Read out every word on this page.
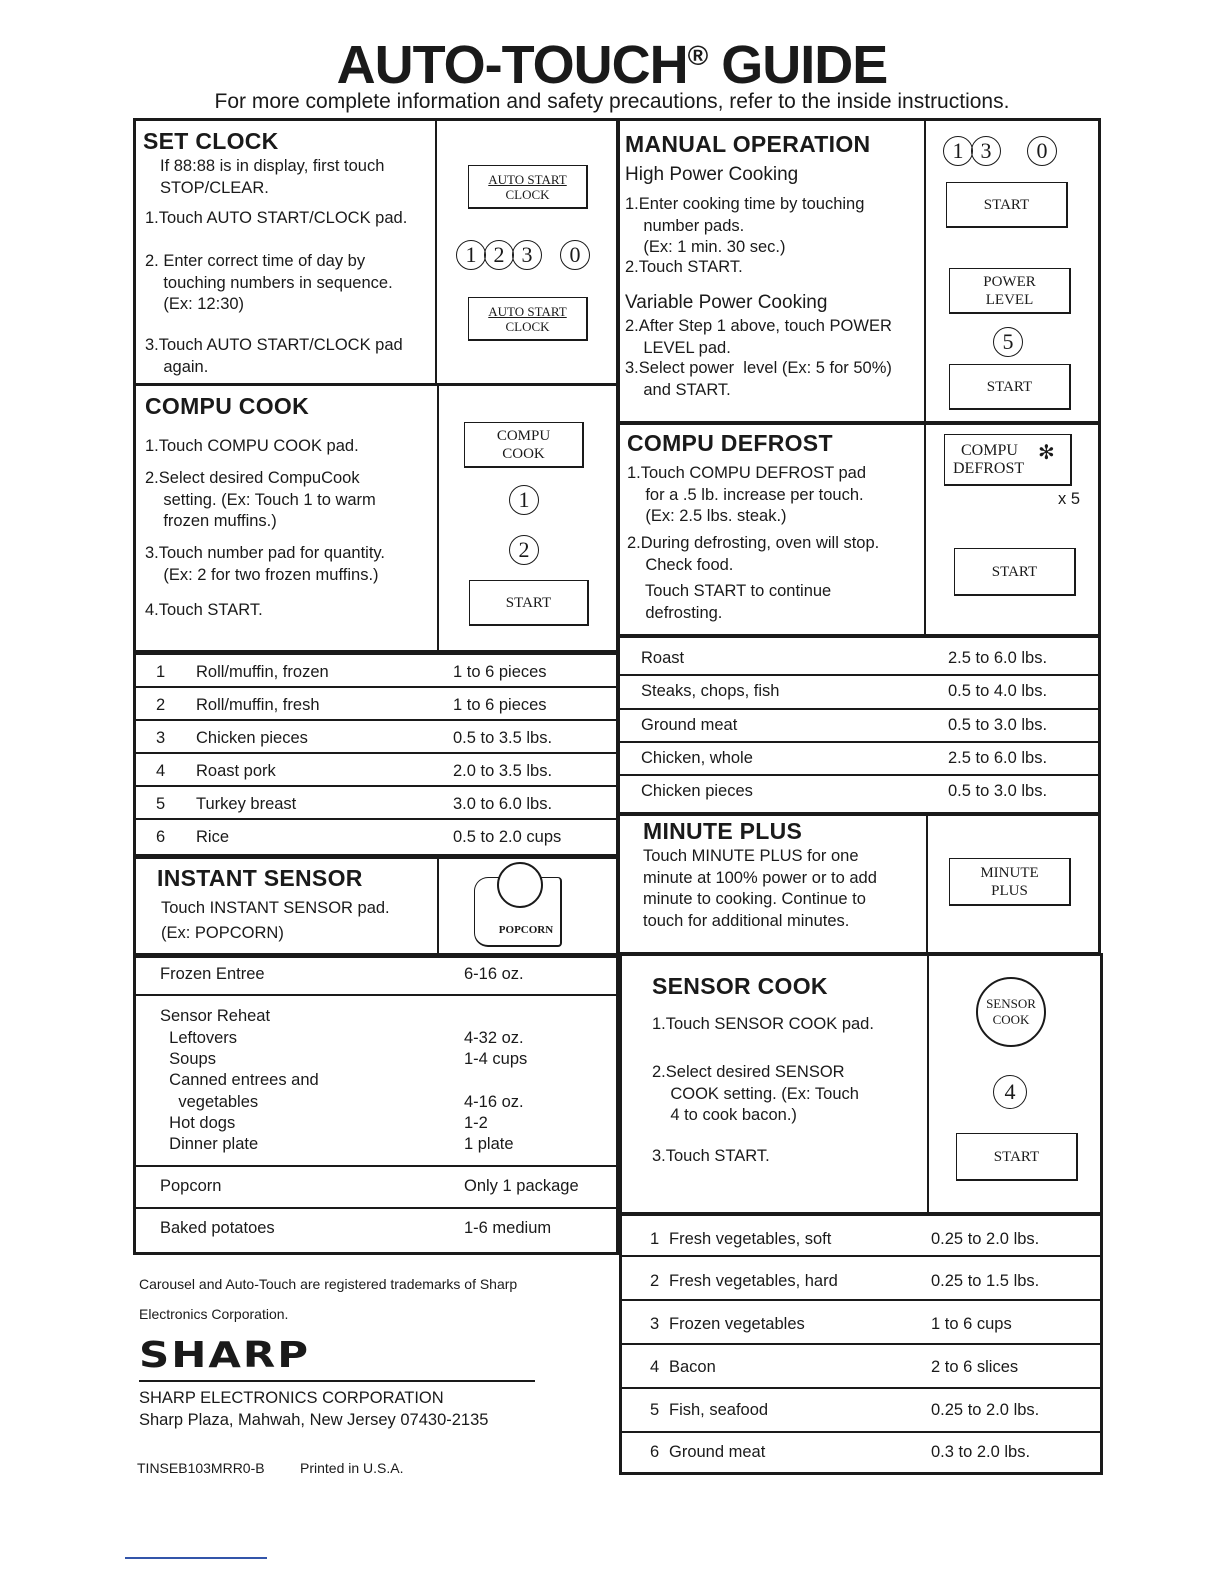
AUTO-TOUCH® GUIDE
For more complete information and safety precautions, refer to the inside instructions.
SET CLOCK
If 88:88 is in display, first touch
STOP/CLEAR.
1.Touch AUTO START/CLOCK pad.
2. Enter correct time of day by
touching numbers in sequence.
(Ex: 12:30)
3.Touch AUTO START/CLOCK pad
again.
AUTO START
CLOCK
1 2 3	0
AUTO START
CLOCK
COMPU COOK
1.Touch COMPU COOK pad.
2.Select desired CompuCook
setting. (Ex: Touch 1 to warm
frozen muffins.)
3.Touch number pad for quantity.
(Ex: 2 for two frozen muffins.)
4.Touch START.
COMPU
COOK
1
2
START
1 Roll/muffin, frozen	1 to 6 pieces
2 Roll/muffin, fresh	1 to 6 pieces
3 Chicken pieces	0.5 to 3.5 lbs.
4 Roast pork	2.0 to 3.5 lbs.
5 Turkey breast	3.0 to 6.0 lbs.
6 Rice	0.5 to 2.0 cups
INSTANT SENSOR
Touch INSTANT SENSOR pad.
(Ex: POPCORN)	POPCORN
Frozen Entree	6-16 oz.
Sensor Reheat
Leftovers	4-32 oz.
Soups	1-4 cups
Canned entrees and
vegetables	4-16 oz.
Hot dogs	1-2
Dinner plate	1 plate
Popcorn	Only 1 package
Baked potatoes	1-6 medium
Carousel and Auto-Touch are registered trademarks of Sharp
Electronics Corporation.
SHARP
SHARP ELECTRONICS CORPORATION
Sharp Plaza, Mahwah, New Jersey 07430-2135
TINSEB103MRR0-B	Printed in U.S.A.
MANUAL OPERATION
High Power Cooking
1.Enter cooking time by touching
number pads.
(Ex: 1 min. 30 sec.)
2.Touch START.
Variable Power Cooking
2.After Step 1 above, touch POWER
LEVEL pad.
3.Select power  level (Ex: 5 for 50%)
and START.
1 3	0
START
POWER
LEVEL
5
START
COMPU DEFROST
1.Touch COMPU DEFROST pad
for a .5 lb. increase per touch.
(Ex: 2.5 lbs. steak.)
2.During defrosting, oven will stop.
Check food.
Touch START to continue
defrosting.
COMPU
DEFROST
✻
x 5
START
Roast	2.5 to 6.0 lbs.
Steaks, chops, fish	0.5 to 4.0 lbs.
Ground meat	0.5 to 3.0 lbs.
Chicken, whole	2.5 to 6.0 lbs.
Chicken pieces	0.5 to 3.0 lbs.
MINUTE PLUS
Touch MINUTE PLUS for one
minute at 100% power or to add
minute to cooking. Continue to
touch for additional minutes.
MINUTE
PLUS
SENSOR COOK
1.Touch SENSOR COOK pad.
2.Select desired SENSOR
COOK setting. (Ex: Touch
4 to cook bacon.)
3.Touch START.
SENSOR
COOK
4
START
1 Fresh vegetables, soft	0.25 to 2.0 lbs.
2 Fresh vegetables, hard	0.25 to 1.5 lbs.
3 Frozen vegetables	1 to 6 cups
4 Bacon	2 to 6 slices
5 Fish, seafood	0.25 to 2.0 lbs.
6 Ground meat	0.3 to 2.0 lbs.
